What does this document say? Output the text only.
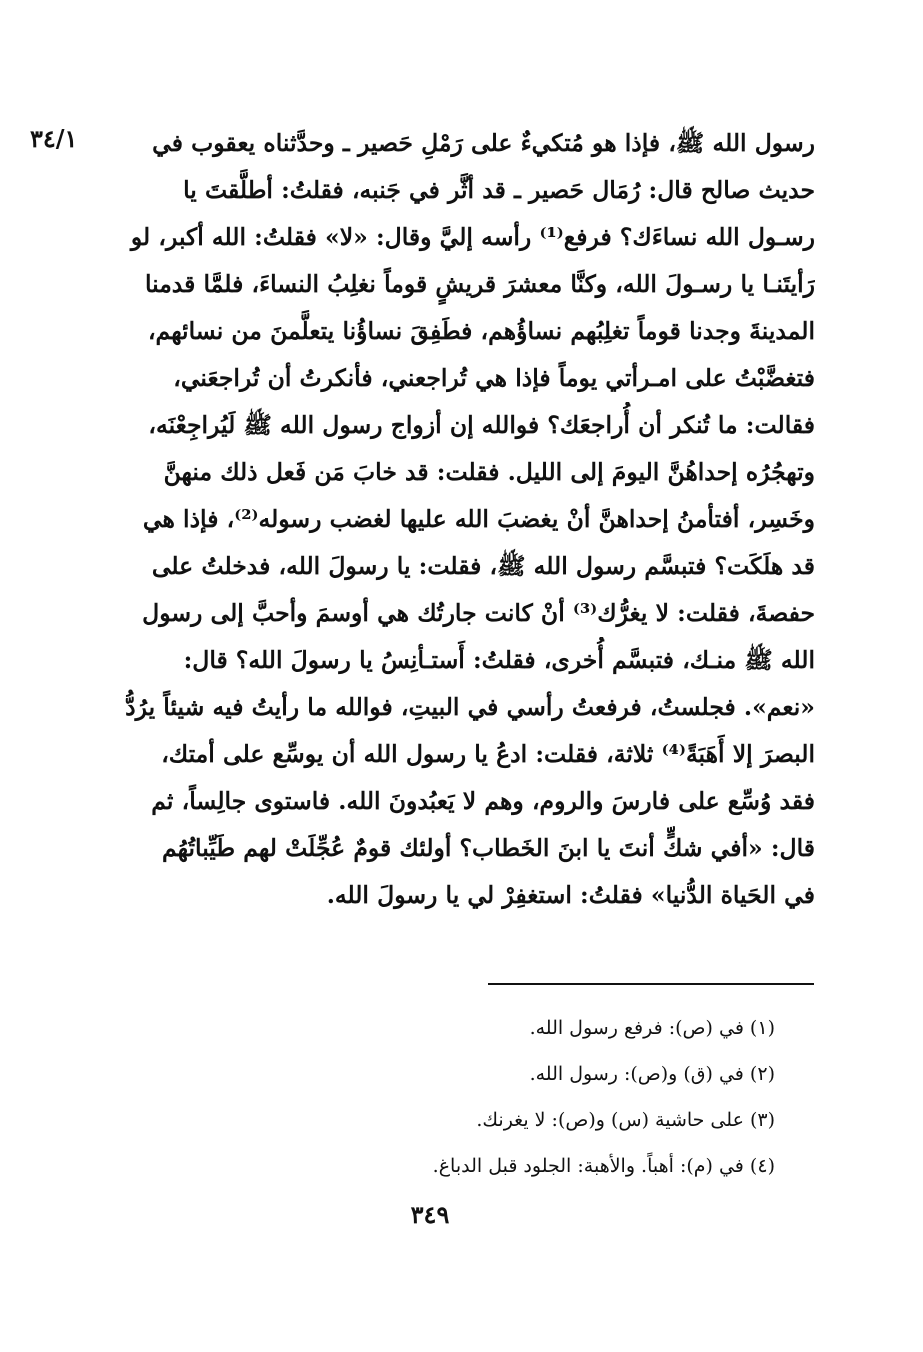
٣٤/١	رسول الله ﷺ، فإذا هو مُتكيءٌ على رَمْلِ حَصير ـ وحدَّثناه يعقوب في
حديث صالح قال: رُمَال حَصير ـ قد أثَّر في جَنبه، فقلتُ: أطلَّقتَ يا
رسـول الله نساءَك؟ فرفع⁽¹⁾ رأسه إليَّ وقال: «لا» فقلتُ: الله أكبر، لو
رَأيتَنـا يا رسـولَ الله، وكنَّا معشرَ قريشٍ قوماً نغلِبُ النساءَ، فلمَّا قدمنا
المدينةَ وجدنا قوماً تغلِبُهم نساؤُهم، فطَفِقَ نساؤُنا يتعلَّمنَ من نسائهم،
فتغضَّبْتُ على امـرأتي يوماً فإذا هي تُراجعني، فأنكرتُ أن تُراجعَني،
فقالت: ما تُنكر أن أُراجعَك؟ فوالله إن أزواج رسول الله ﷺ لَيُراجِعْنَه،
وتهجُرُه إحداهُنَّ اليومَ إلى الليل. فقلت: قد خابَ مَن فَعل ذلك منهنَّ
وخَسِر، أفتأمنُ إحداهنَّ أنْ يغضبَ الله عليها لغضب رسوله⁽²⁾، فإذا هي
قد هلَكَت؟ فتبسَّم رسول الله ﷺ، فقلت: يا رسولَ الله، فدخلتُ على
حفصةَ، فقلت: لا يغرُّك⁽³⁾ أنْ كانت جارتُك هي أوسمَ وأحبَّ إلى رسول
الله ﷺ منـك، فتبسَّم أُخرى، فقلتُ: أَستـأنِسُ يا رسولَ الله؟ قال:
«نعم». فجلستُ، فرفعتُ رأسي في البيتِ، فوالله ما رأيتُ فيه شيئاً يرُدُّ
البصرَ إلا أَهَبَةً⁽⁴⁾ ثلاثة، فقلت: ادعُ يا رسول الله أن يوسِّع على أمتك،
فقد وُسِّع على فارسَ والروم، وهم لا يَعبُدونَ الله. فاستوى جالِساً، ثم
قال: «أفي شكٍّ أنتَ يا ابنَ الخَطاب؟ أولئك قومٌ عُجِّلَتْ لهم طَيِّباتُهُم
في الحَياة الدُّنيا» فقلتُ: استغفِرْ لي يا رسولَ الله.
(١) في (ص): فرفع رسول الله.
(٢) في (ق) و(ص): رسول الله.
(٣) على حاشية (س) و(ص): لا يغرنك.
(٤) في (م): أهباً. والأهبة: الجلود قبل الدباغ.
٣٤٩
